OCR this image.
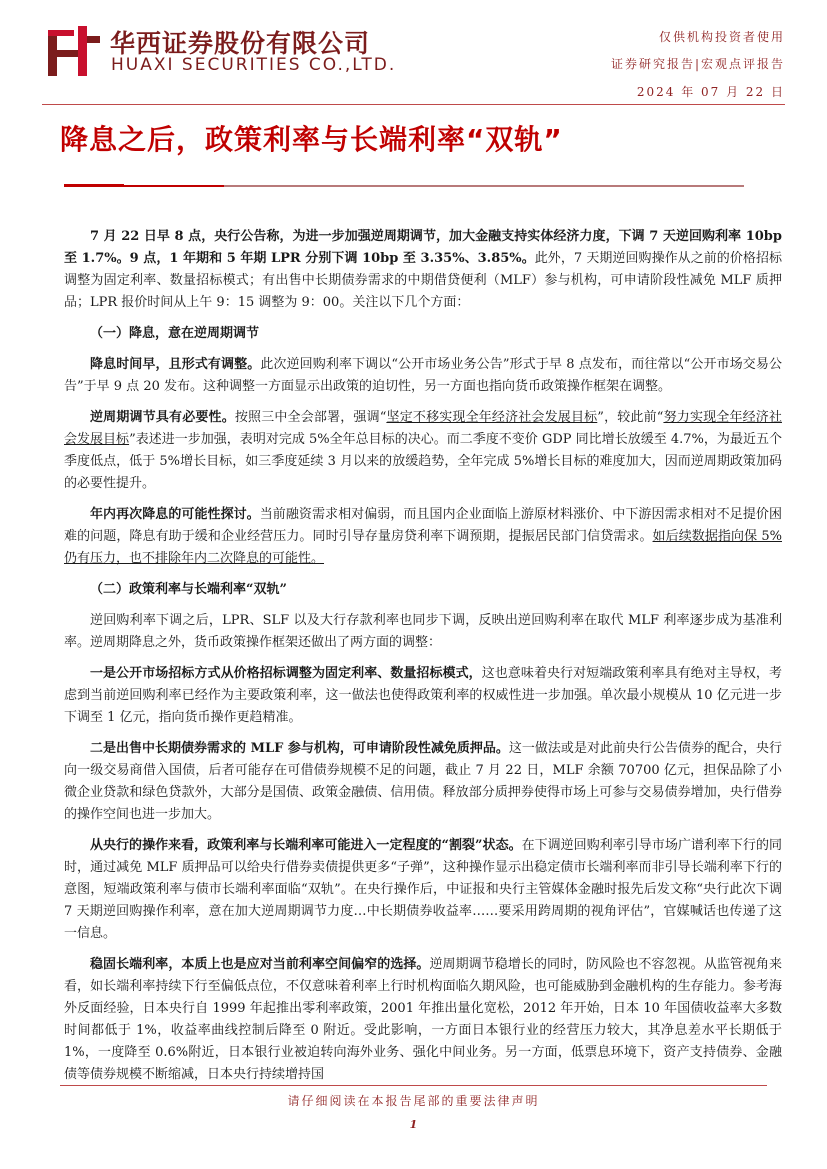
华西证券股份有限公司
HUAXI SECURITIES CO.,LTD.
仅供机构投资者使用
证券研究报告|宏观点评报告
2024 年 07 月 22 日
降息之后，政策利率与长端利率“双轨”

7 月 22 日早 8 点，央行公告称，为进一步加强逆周期调节，加大金融支持实体经济力度，下调 7 天逆回购利率 10bp 至 1.7%。9 点，1 年期和 5 年期 LPR 分别下调 10bp 至 3.35%、3.85%。此外，7 天期逆回购操作从之前的价格招标调整为固定利率、数量招标模式；有出售中长期债券需求的中期借贷便利（MLF）参与机构，可申请阶段性减免 MLF 质押品；LPR 报价时间从上午 9：15 调整为 9：00。关注以下几个方面：

（一）降息，意在逆周期调节

降息时间早，且形式有调整。此次逆回购利率下调以“公开市场业务公告”形式于早 8 点发布，而往常以“公开市场交易公告”于早 9 点 20 发布。这种调整一方面显示出政策的迫切性，另一方面也指向货币政策操作框架在调整。

逆周期调节具有必要性。按照三中全会部署，强调“坚定不移实现全年经济社会发展目标”，较此前“努力实现全年经济社会发展目标”表述进一步加强，表明对完成 5%全年总目标的决心。而二季度不变价 GDP 同比增长放缓至 4.7%，为最近五个季度低点，低于 5%增长目标，如三季度延续 3 月以来的放缓趋势，全年完成 5%增长目标的难度加大，因而逆周期政策加码的必要性提升。

年内再次降息的可能性探讨。当前融资需求相对偏弱，而且国内企业面临上游原材料涨价、中下游因需求相对不足提价困难的问题，降息有助于缓和企业经营压力。同时引导存量房贷利率下调预期，提振居民部门信贷需求。如后续数据指向保 5%仍有压力，也不排除年内二次降息的可能性。

（二）政策利率与长端利率“双轨”

逆回购利率下调之后，LPR、SLF 以及大行存款利率也同步下调，反映出逆回购利率在取代 MLF 利率逐步成为基准利率。逆周期降息之外，货币政策操作框架还做出了两方面的调整：

一是公开市场招标方式从价格招标调整为固定利率、数量招标模式，这也意味着央行对短端政策利率具有绝对主导权，考虑到当前逆回购利率已经作为主要政策利率，这一做法也使得政策利率的权威性进一步加强。单次最小规模从 10 亿元进一步下调至 1 亿元，指向货币操作更趋精准。

二是出售中长期债券需求的 MLF 参与机构，可申请阶段性减免质押品。这一做法或是对此前央行公告债券的配合，央行向一级交易商借入国债，后者可能存在可借债券规模不足的问题，截止 7 月 22 日，MLF 余额 70700 亿元，担保品除了小微企业贷款和绿色贷款外，大部分是国债、政策金融债、信用债。释放部分质押券使得市场上可参与交易债券增加，央行借券的操作空间也进一步加大。

从央行的操作来看，政策利率与长端利率可能进入一定程度的“割裂”状态。在下调逆回购利率引导市场广谱利率下行的同时，通过减免 MLF 质押品可以给央行借券卖债提供更多“子弹”，这种操作显示出稳定债市长端利率而非引导长端利率下行的意图，短端政策利率与债市长端利率面临“双轨”。在央行操作后，中证报和央行主管媒体金融时报先后发文称“央行此次下调 7 天期逆回购操作利率，意在加大逆周期调节力度…中长期债券收益率……要采用跨周期的视角评估”，官媒喊话也传递了这一信息。

稳固长端利率，本质上也是应对当前利率空间偏窄的选择。逆周期调节稳增长的同时，防风险也不容忽视。从监管视角来看，如长端利率持续下行至偏低点位，不仅意味着利率上行时机构面临久期风险，也可能威胁到金融机构的生存能力。参考海外反面经验，日本央行自 1999 年起推出零利率政策，2001 年推出量化宽松，2012 年开始，日本 10 年国债收益率大多数时间都低于 1%，收益率曲线控制后降至 0 附近。受此影响，一方面日本银行业的经营压力较大，其净息差水平长期低于 1%，一度降至 0.6%附近，日本银行业被迫转向海外业务、强化中间业务。另一方面，低票息环境下，资产支持债券、金融债等债券规模不断缩减，日本央行持续增持国

请仔细阅读在本报告尾部的重要法律声明
1
